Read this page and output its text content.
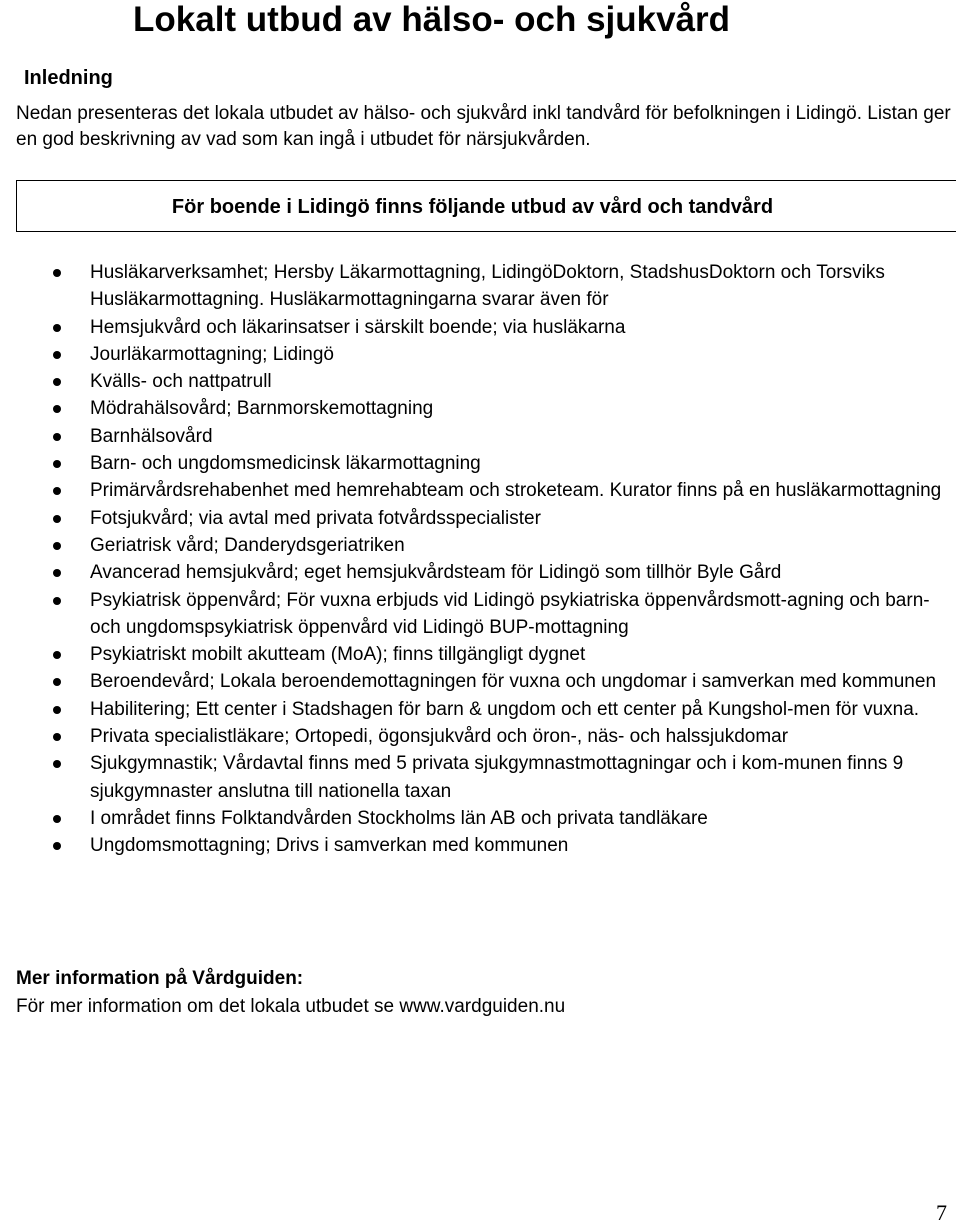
Lokalt utbud av hälso- och sjukvård
Inledning

Nedan presenteras det lokala utbudet av hälso- och sjukvård inkl tandvård för befolkningen i Lidingö. Listan ger en god beskrivning av vad som kan ingå i utbudet för närsjukvården.

För boende i Lidingö finns följande utbud av vård och tandvård
Husläkarverksamhet; Hersby Läkarmottagning, LidingöDoktorn, StadshusDoktorn och Torsviks Husläkarmottagning. Husläkarmottagningarna svarar även för
Hemsjukvård och läkarinsatser i särskilt boende; via husläkarna
Jourläkarmottagning; Lidingö
Kvälls- och nattpatrull
Mödrahälsovård; Barnmorskemottagning
Barnhälsovård
Barn- och ungdomsmedicinsk läkarmottagning
Primärvårdsrehabenhet med hemrehabteam och stroketeam. Kurator finns på en husläkarmottagning
Fotsjukvård; via avtal med privata fotvårdsspecialister
Geriatrisk vård; Danderydsgeriatriken
Avancerad hemsjukvård; eget hemsjukvårdsteam för Lidingö som tillhör Byle Gård
Psykiatrisk öppenvård; För vuxna erbjuds vid Lidingö psykiatriska öppenvårdsmott-agning och barn- och ungdomspsykiatrisk öppenvård vid Lidingö BUP-mottagning
Psykiatriskt mobilt akutteam (MoA); finns tillgängligt dygnet
Beroendevård; Lokala beroendemottagningen för vuxna och ungdomar i samverkan med kommunen
Habilitering; Ett center i Stadshagen för barn & ungdom och ett center på Kungshol-men för vuxna.
Privata specialistläkare; Ortopedi, ögonsjukvård och öron-, näs- och halssjukdomar
Sjukgymnastik; Vårdavtal finns med 5 privata sjukgymnastmottagningar och i kom-munen finns 9 sjukgymnaster anslutna till nationella taxan
I området finns Folktandvården Stockholms län AB och privata tandläkare
Ungdomsmottagning; Drivs i samverkan med kommunen
Mer information på Vårdguiden:

För mer information om det lokala utbudet se www.vardguiden.nu

7
